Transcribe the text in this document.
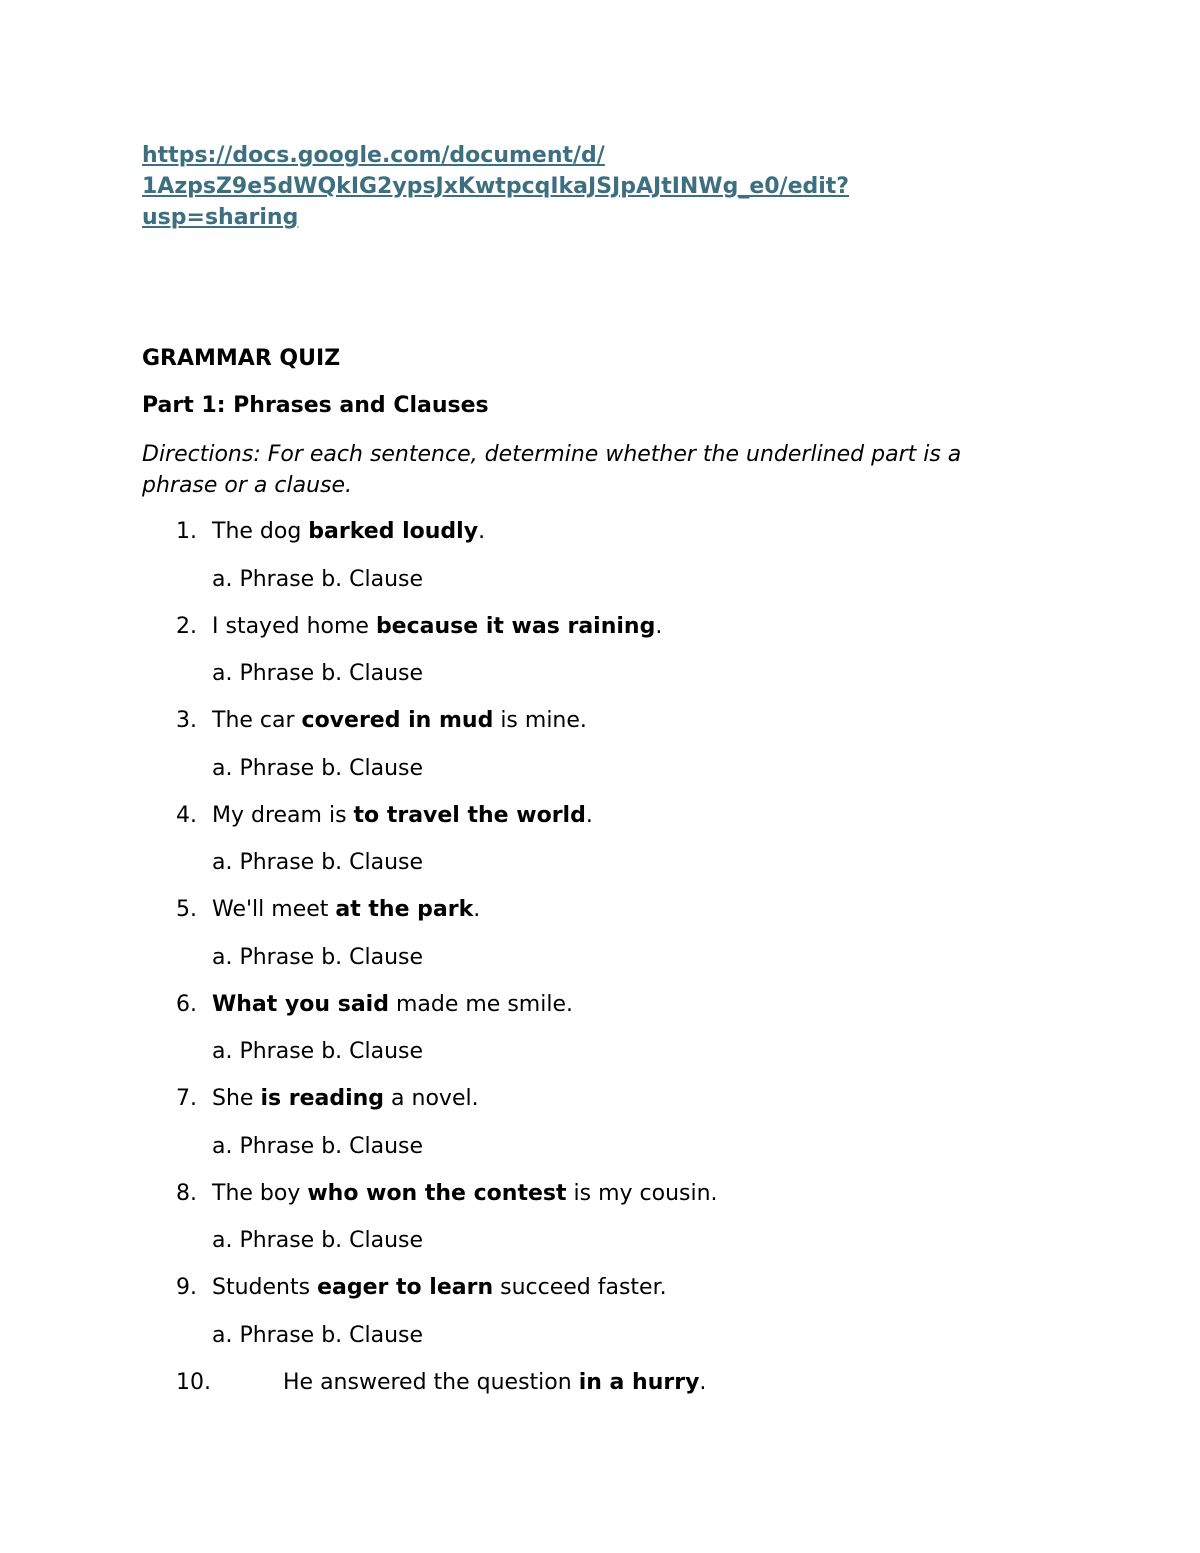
https://docs.google.com/document/d/
1AzpsZ9e5dWQkIG2ypsJxKwtpcqIkaJSJpAJtINWg_e0/edit?
usp=sharing
GRAMMAR QUIZ
Part 1: Phrases and Clauses
Directions: For each sentence, determine whether the underlined part is a
phrase or a clause.
1. The dog barked loudly.
a. Phrase b. Clause
2. I stayed home because it was raining.
a. Phrase b. Clause
3. The car covered in mud is mine.
a. Phrase b. Clause
4. My dream is to travel the world.
a. Phrase b. Clause
5. We'll meet at the park.
a. Phrase b. Clause
6. What you said made me smile.
a. Phrase b. Clause
7. She is reading a novel.
a. Phrase b. Clause
8. The boy who won the contest is my cousin.
a. Phrase b. Clause
9. Students eager to learn succeed faster.
a. Phrase b. Clause
10.	He answered the question in a hurry.
